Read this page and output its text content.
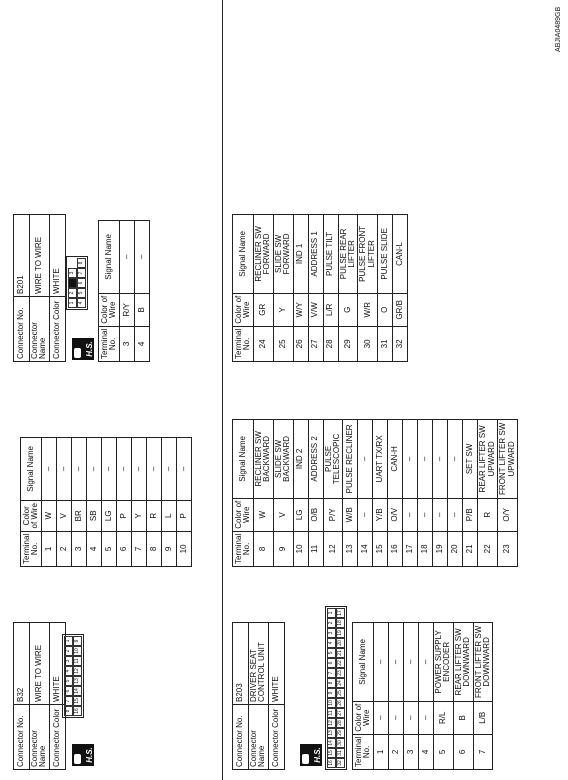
Connector No.	B32
Connector Name	WIRE TO WIRE
Connector Color	WHITE
H.S.
8
7
6
5
4
3
2
1
16
15
14
13
12
11
10
9
Terminal No.	Color of Wire	Signal Name
1	W	–
2	V	–
3	BR	–
4	SB	–
5	LG	–
6	P	–
7	Y	–
8	R	–
9	L	–
10	P	–
Connector No.	B201
Connector Name	WIRE TO WIRE
Connector Color	WHITE
H.S.
1
2
3
4
5
6
7
8
Terminal No.	Color of Wire	Signal Name
3	R/Y	–
4	B	–
Connector No.	B203
Connector Name	DRIVER SEAT CONTROL UNIT
Connector Color	WHITE
H.S.
16
15
14
13
12
11
10
9
8
7
6
5
4
3
2
1
32
31
30
29
28
27
26
25
24
23
22
21
20
19
18
17
Terminal No.	Color of Wire	Signal Name
1	–	–
2	–	–
3	–	–
4	–	–
5	R/L	POWER SUPPLY ENCODER
6	B	REAR LIFTER SW DOWNWARD
7	L/B	FRONT LIFTER SW DOWNWARD
Terminal No.	Color of Wire	Signal Name
8	W	RECLINER SW BACKWARD
9	V	SLIDE SW BACKWARD
10	LG	IND 2
11	O/B	ADDRESS 2
12	P/Y	PULSE TELESCOPIC
13	W/B	PULSE RECLINER
14	–	–
15	Y/B	UART TX/RX
16	O/V	CAN-H
17	–	–
18	–	–
19	–	–
20	–	–
21	P/B	SET SW
22	R	REAR LIFTER SW UPWARD
23	O/Y	FRONT LIFTER SW UPWARD
Terminal No.	Color of Wire	Signal Name
24	GR	RECLINER SW FORWARD
25	Y	SLIDE SW FORWARD
26	W/Y	IND 1
27	V/W	ADDRESS 1
28	L/R	PULSE TILT
29	G	PULSE REAR LIFTER
30	W/R	PULSE FRONT LIFTER
31	O	PULSE SLIDE
32	GR/B	CAN-L
ABJIA0489GB
